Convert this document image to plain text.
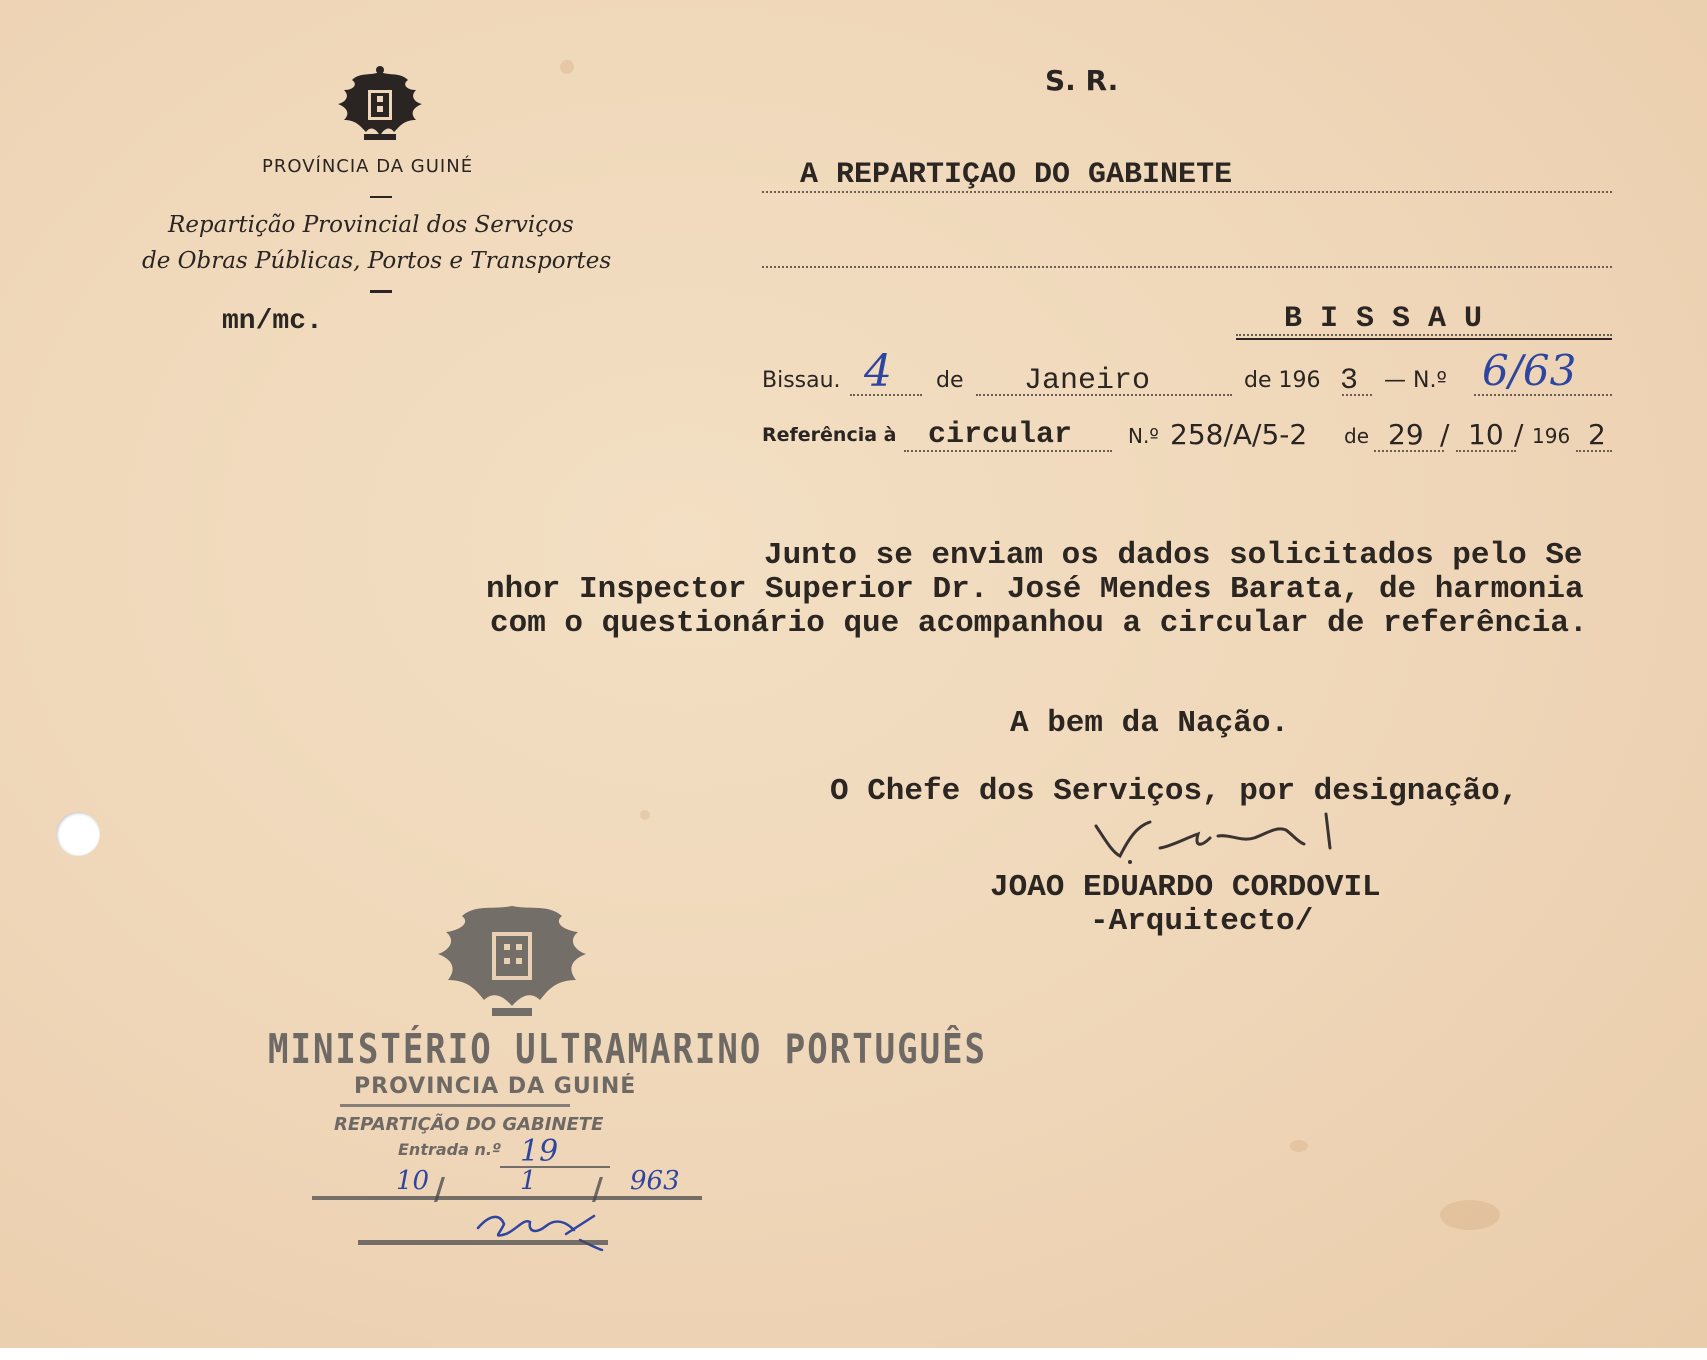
PROVÍNCIA DA GUINÉ
Repartição Provincial dos Serviços
de Obras Públicas, Portos e Transportes
mn/mc.
S. R.
A REPARTIÇAO DO GABINETE
B I S S A U
Bissau. 4 de Janeiro	de 196 3 — N.º 6/63
Referência à circular	N.º 258/A/5-2 de 29 / 10 / 196 2
Junto se enviam os dados solicitados pelo Se
nhor Inspector Superior Dr. José Mendes Barata, de harmonia
com o questionário que acompanhou a circular de referência.
A bem da Nação.
O Chefe dos Serviços, por designação,
JOAO EDUARDO CORDOVIL
-Arquitecto/
MINISTÉRIO ULTRAMARINO PORTUGUÊS
PROVINCIA DA GUINÉ
REPARTIÇÃO DO GABINETE
Entrada n.º 19
10 /	1 / 963
